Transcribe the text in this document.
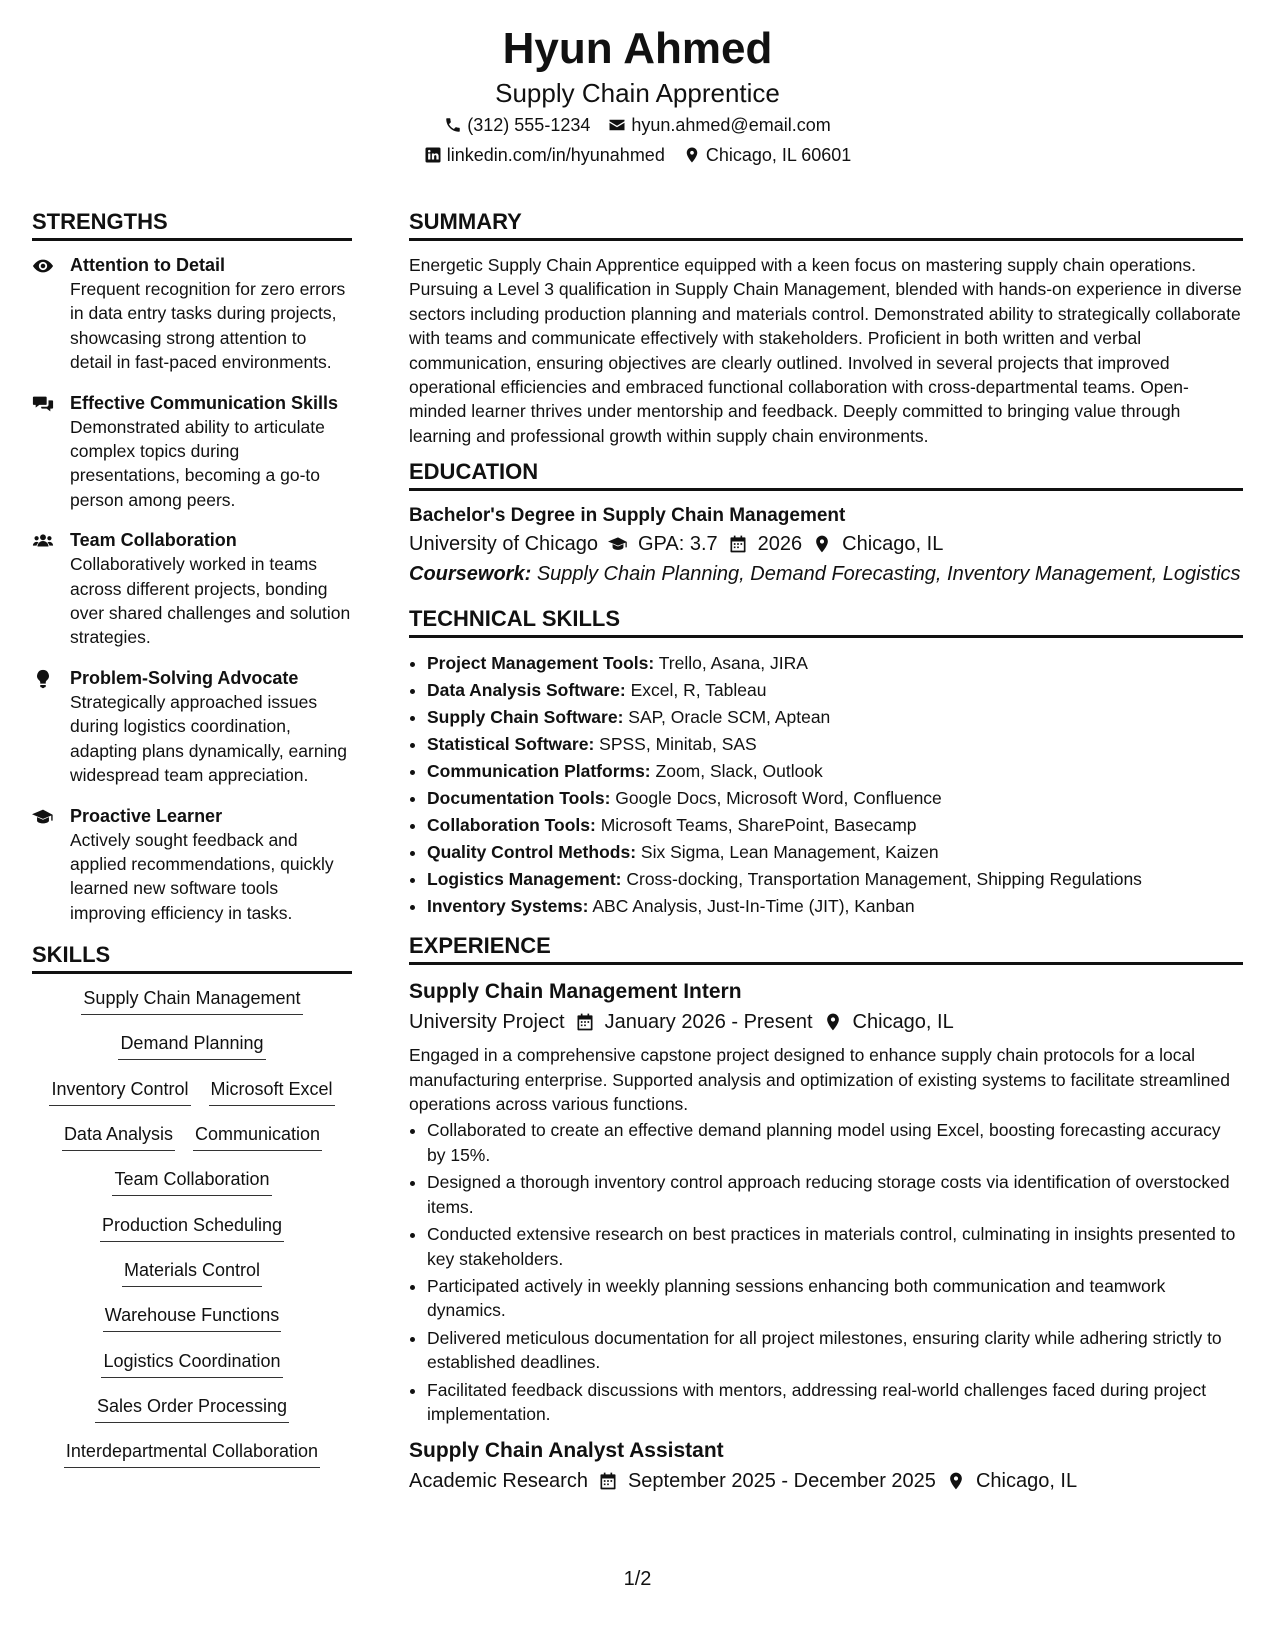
Hyun Ahmed
Supply Chain Apprentice
(312) 555-1234 hyun.ahmed@email.com
linkedin.com/in/hyunahmed Chicago, IL 60601
STRENGTHS
Attention to Detail
Frequent recognition for zero errors in data entry tasks during projects, showcasing strong attention to detail in fast-paced environments.
Effective Communication Skills
Demonstrated ability to articulate complex topics during presentations, becoming a go-to person among peers.
Team Collaboration
Collaboratively worked in teams across different projects, bonding over shared challenges and solution strategies.
Problem-Solving Advocate
Strategically approached issues during logistics coordination, adapting plans dynamically, earning widespread team appreciation.
Proactive Learner
Actively sought feedback and applied recommendations, quickly learned new software tools improving efficiency in tasks.
SKILLS
Supply Chain Management
Demand Planning
Inventory Control Microsoft Excel
Data Analysis Communication
Team Collaboration
Production Scheduling
Materials Control
Warehouse Functions
Logistics Coordination
Sales Order Processing
Interdepartmental Collaboration
SUMMARY

Energetic Supply Chain Apprentice equipped with a keen focus on mastering supply chain operations. Pursuing a Level 3 qualification in Supply Chain Management, blended with hands-on experience in diverse sectors including production planning and materials control. Demonstrated ability to strategically collaborate with teams and communicate effectively with stakeholders. Proficient in both written and verbal communication, ensuring objectives are clearly outlined. Involved in several projects that improved operational efficiencies and embraced functional collaboration with cross-departmental teams. Open-minded learner thrives under mentorship and feedback. Deeply committed to bringing value through learning and professional growth within supply chain environments.

EDUCATION
Bachelor's Degree in Supply Chain Management
University of Chicago GPA: 3.7 2026 Chicago, IL
Coursework: Supply Chain Planning, Demand Forecasting, Inventory Management, Logistics
TECHNICAL SKILLS
• Project Management Tools: Trello, Asana, JIRA
• Data Analysis Software: Excel, R, Tableau
• Supply Chain Software: SAP, Oracle SCM, Aptean
• Statistical Software: SPSS, Minitab, SAS
• Communication Platforms: Zoom, Slack, Outlook
• Documentation Tools: Google Docs, Microsoft Word, Confluence
• Collaboration Tools: Microsoft Teams, SharePoint, Basecamp
• Quality Control Methods: Six Sigma, Lean Management, Kaizen
• Logistics Management: Cross-docking, Transportation Management, Shipping Regulations
• Inventory Systems: ABC Analysis, Just-In-Time (JIT), Kanban
EXPERIENCE
Supply Chain Management Intern
University Project January 2026 - Present Chicago, IL
Engaged in a comprehensive capstone project designed to enhance supply chain protocols for a local manufacturing enterprise. Supported analysis and optimization of existing systems to facilitate streamlined operations across various functions.
• Collaborated to create an effective demand planning model using Excel, boosting forecasting accuracy by 15%.
• Designed a thorough inventory control approach reducing storage costs via identification of overstocked items.
• Conducted extensive research on best practices in materials control, culminating in insights presented to key stakeholders.
• Participated actively in weekly planning sessions enhancing both communication and teamwork dynamics.
• Delivered meticulous documentation for all project milestones, ensuring clarity while adhering strictly to established deadlines.
• Facilitated feedback discussions with mentors, addressing real-world challenges faced during project implementation.
Supply Chain Analyst Assistant
Academic Research September 2025 - December 2025 Chicago, IL
1/2
